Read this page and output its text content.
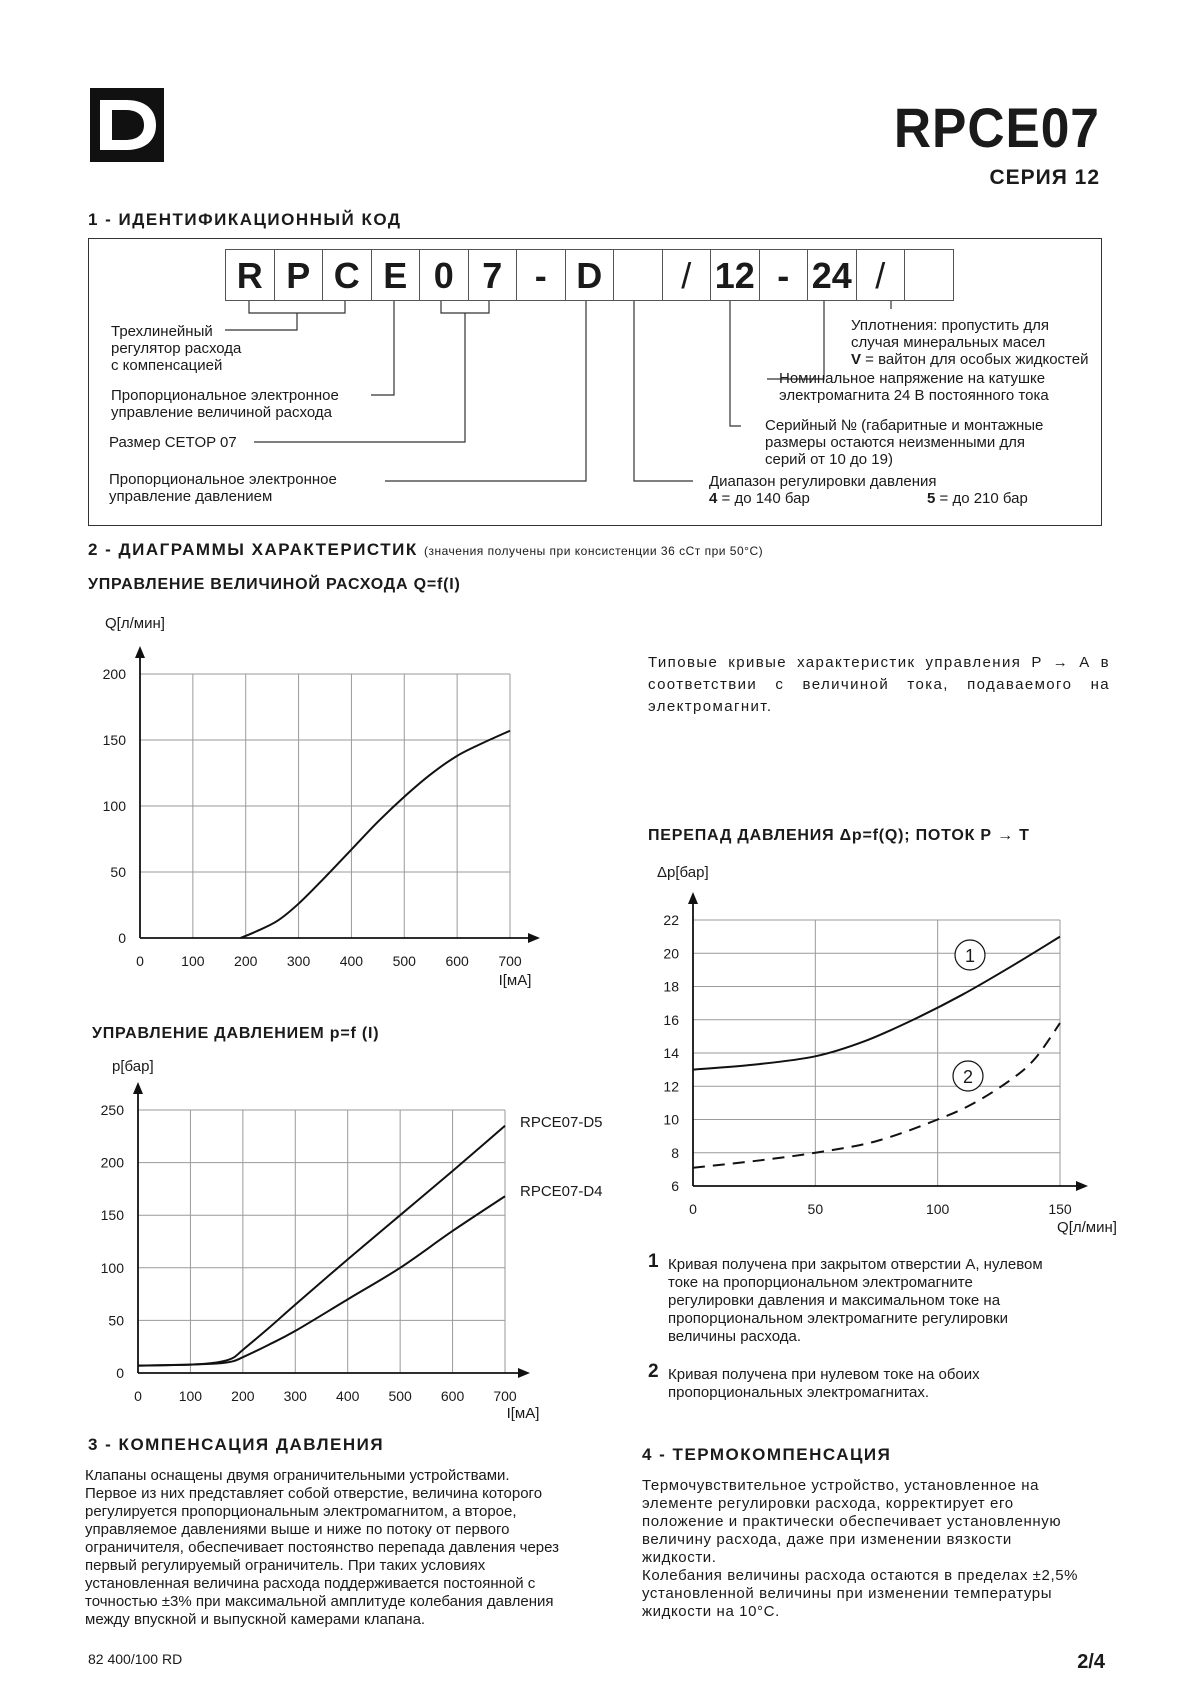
RPCE07
СЕРИЯ 12
1 - ИДЕНТИФИКАЦИОННЫЙ КОД
R P C E 0 7 - D	/ 12 - 24 /
Трехлинейный
регулятор расхода
с компенсацией
Пропорциональное электронное
управление величиной расхода
Размер CETOP 07
Пропорциональное электронное
управление давлением
Уплотнения: пропустить для
случая минеральных масел
V = вайтон для особых жидкостей
Номинальное напряжение на катушке
электромагнита 24 В постоянного тока
Серийный № (габаритные и монтажные
размеры остаются неизменными для
серий от 10 до 19)
Диапазон регулировки давления
4 = до 140 бар	5 = до 210 бар
2 - ДИАГРАММЫ ХАРАКТЕРИСТИК (значения получены при консистенции 36 сСт при 50°С)
УПРАВЛЕНИЕ ВЕЛИЧИНОЙ РАСХОДА Q=f(I)
Типовые кривые характеристик управления Р → А в соответствии с величиной тока, подаваемого на электромагнит.
УПРАВЛЕНИЕ ДАВЛЕНИЕМ p=f (I)
ПЕРЕПАД ДАВЛЕНИЯ Δp=f(Q); ПОТОК Р → Т
0	100 200 300 400 500 600 700
0
50
100
150
200
I[мА]
Q[л/мин]
0	100 200 300 400 500 600 700
0
50
100
150
200
250
I[мА]
p[бар]
0	50	100	150
6
8
10
12
14
16
18
20
22
Q[л/мин]
Δp[бар]
RPCE07-D5
RPCE07-D4
1
2
1 Кривая получена при закрытом отверстии А, нулевом
токе на пропорциональном электромагните
регулировки давления и максимальном токе на
пропорциональном электромагните регулировки
величины расхода.
2 Кривая получена при нулевом токе на обоих
пропорциональных электромагнитах.
3 - КОМПЕНСАЦИЯ ДАВЛЕНИЯ
Клапаны оснащены двумя ограничительными устройствами.
Первое из них представляет собой отверстие, величина которого
регулируется пропорциональным электромагнитом, а второе,
управляемое давлениями выше и ниже по потоку от первого
ограничителя, обеспечивает постоянство перепада давления через
первый регулируемый ограничитель. При таких условиях
установленная величина расхода поддерживается постоянной с
точностью ±3% при максимальной амплитуде колебания давления
между впускной и выпускной камерами клапана.
4 - ТЕРМОКОМПЕНСАЦИЯ
Термочувствительное устройство, установленное на
элементе регулировки расхода, корректирует его
положение и практически обеспечивает установленную
величину расхода, даже при изменении вязкости
жидкости.
Колебания величины расхода остаются в пределах ±2,5%
установленной величины при изменении температуры
жидкости на 10°С.
82 400/100 RD	2/4
